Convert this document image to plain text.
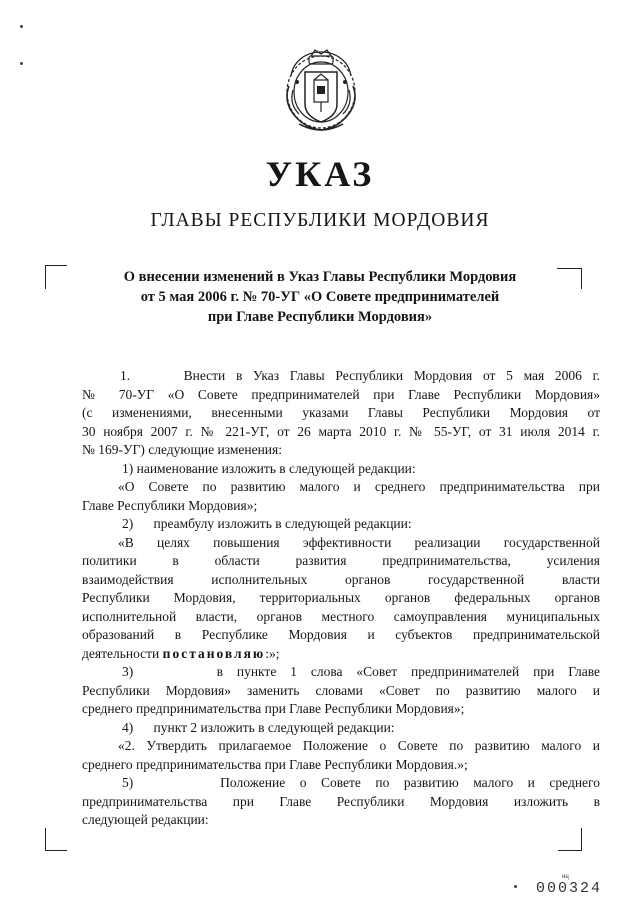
УКАЗ
ГЛАВЫ РЕСПУБЛИКИ МОРДОВИЯ
О внесении изменений в Указ Главы Республики Мордовия
от 5 мая 2006 г. № 70-УГ «О Совете предпринимателей
при Главе Республики Мордовия»
1.	Внести в Указ Главы Республики Мордовия от 5 мая 2006 г.
№ 70-УГ «О Совете предпринимателей при Главе Республики Мордовия»
(с изменениями, внесенными указами Главы Республики Мордовия от
30 ноября 2007 г. № 221-УГ, от 26 марта 2010 г. № 55-УГ, от 31 июля 2014 г.
№ 169-УГ) следующие изменения:
1) наименование изложить в следующей редакции:
«О Совете по развитию малого и среднего предпринимательства при
Главе Республики Мордовия»;
2) преамбулу изложить в следующей редакции:
«В целях повышения эффективности реализации государственной
политики в области развития предпринимательства, усиления
взаимодействия исполнительных органов государственной власти
Республики Мордовия, территориальных органов федеральных органов
исполнительной власти, органов местного самоуправления муниципальных
образований в Республике Мордовия и субъектов предпринимательской
деятельности постановляю:»;
3)	в пункте 1 слова «Совет предпринимателей при Главе
Республики Мордовия» заменить словами «Совет по развитию малого и
среднего предпринимательства при Главе Республики Мордовия»;
4) пункт 2 изложить в следующей редакции:
«2. Утвердить прилагаемое Положение о Совете по развитию малого и
среднего предпринимательства при Главе Республики Мордовия.»;
5)	Положение о Совете по развитию малого и среднего
предпринимательства при Главе Республики Мордовия изложить в
следующей редакции:
нц
000324
